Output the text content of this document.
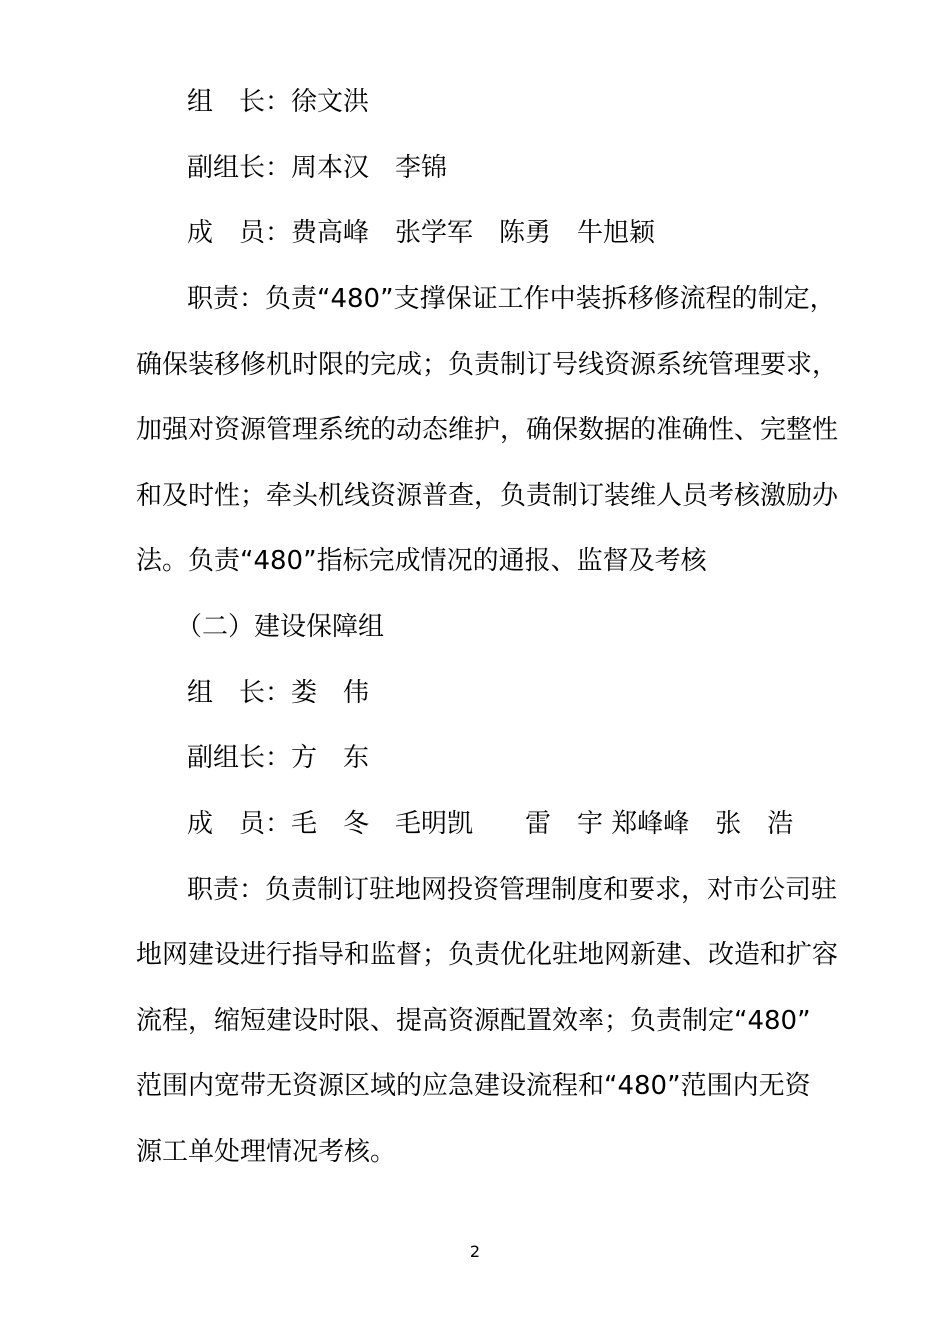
组　长：徐文洪
副组长：周本汉　李锦
成　员：费高峰　张学军　陈勇　牛旭颖
职责：负责“480”支撑保证工作中装拆移修流程的制定，
确保装移修机时限的完成；负责制订号线资源系统管理要求，
加强对资源管理系统的动态维护，确保数据的准确性、完整性
和及时性；牵头机线资源普查，负责制订装维人员考核激励办
法。负责“480”指标完成情况的通报、监督及考核
（二）建设保障组
组　长：娄　伟
副组长：方　东
成　员：毛　冬　毛明凯　　雷　宇 郑峰峰　张　浩
职责：负责制订驻地网投资管理制度和要求，对市公司驻
地网建设进行指导和监督；负责优化驻地网新建、改造和扩容
流程，缩短建设时限、提高资源配置效率；负责制定“480”
范围内宽带无资源区域的应急建设流程和“480”范围内无资
源工单处理情况考核。
2
